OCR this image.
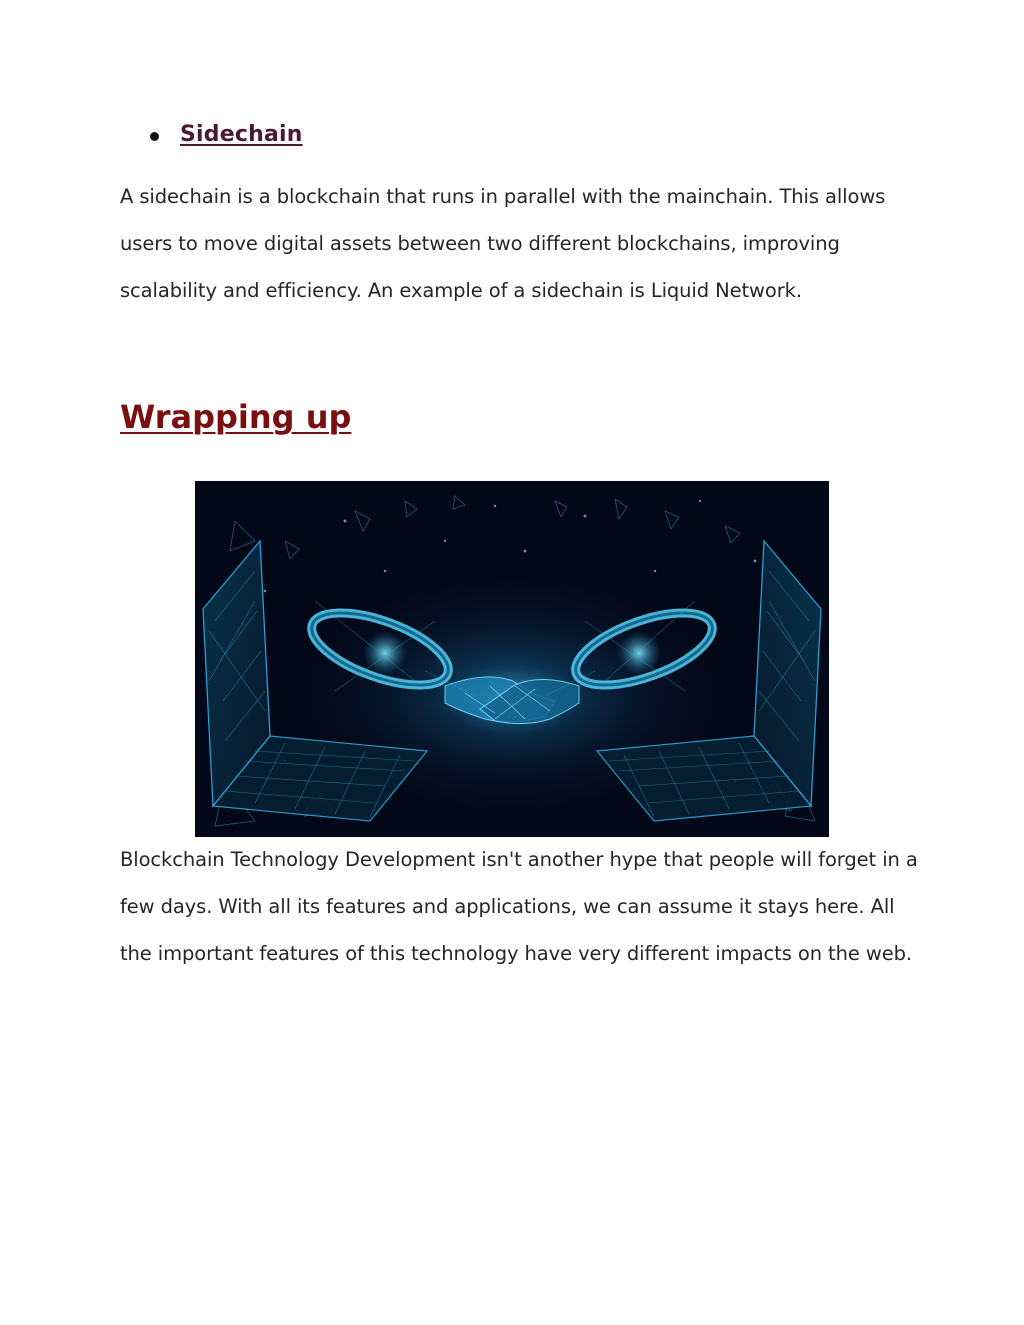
Sidechain

A sidechain is a blockchain that runs in parallel with the mainchain. This allows users to move digital assets between two different blockchains, improving scalability and efficiency. An example of a sidechain is Liquid Network.

Wrapping up

Blockchain Technology Development isn't another hype that people will forget in a few days. With all its features and applications, we can assume it stays here. All the important features of this technology have very different impacts on the web.
